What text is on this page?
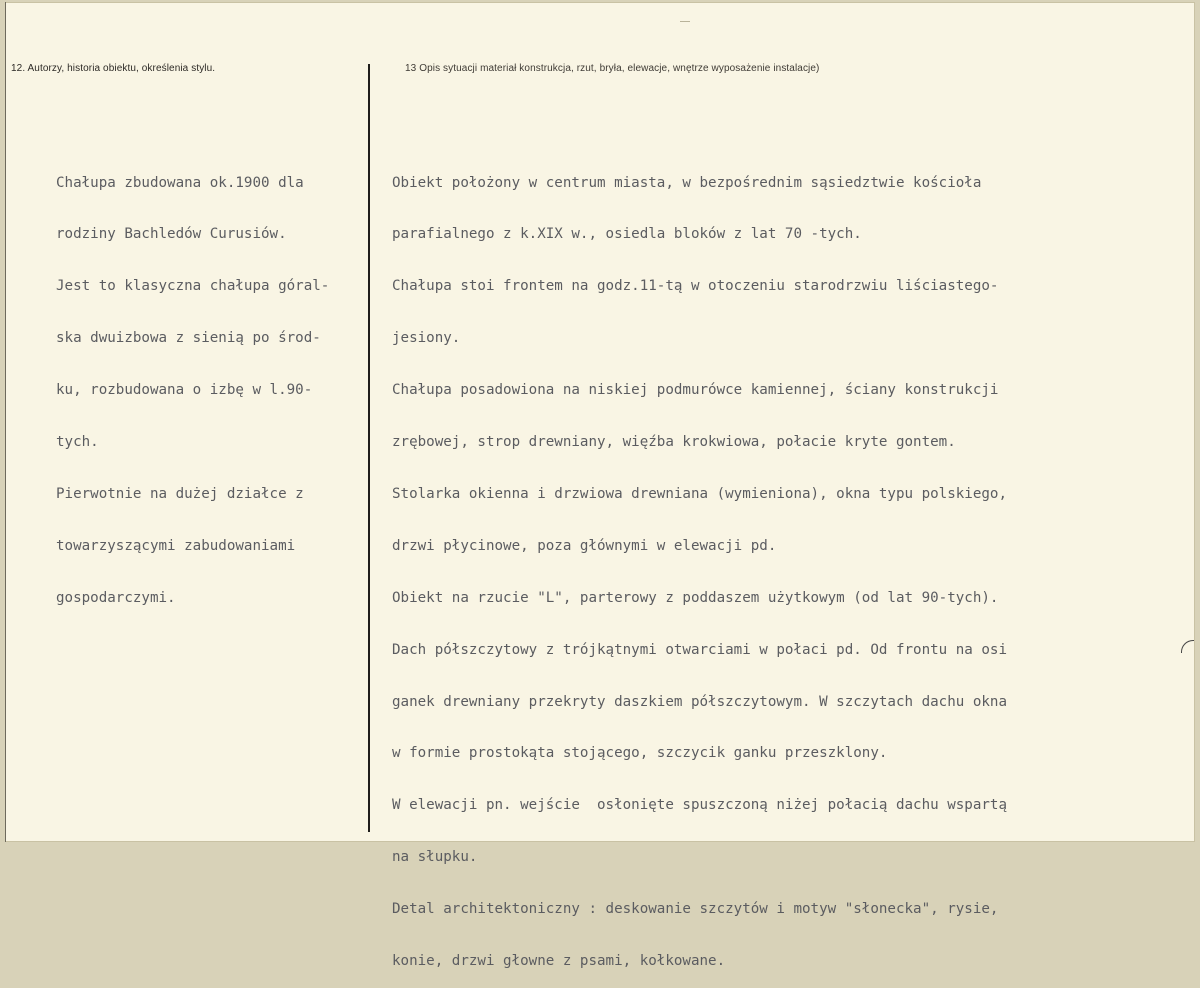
12. Autorzy, historia obiektu, określenia stylu.	13 Opis sytuacji materiał konstrukcja, rzut, bryła, elewacje, wnętrze wyposażenie instalacje)

Chałupa zbudowana ok.1900 dla

rodziny Bachledów Curusiów.

Jest to klasyczna chałupa góral-

ska dwuizbowa z sienią po środ-

ku, rozbudowana o izbę w l.90-

tych.

Pierwotnie na dużej działce z

towarzyszącymi zabudowaniami

gospodarczymi.

Obiekt położony w centrum miasta, w bezpośrednim sąsiedztwie kościoła

parafialnego z k.XIX w., osiedla bloków z lat 70 -tych.

Chałupa stoi frontem na godz.11-tą w otoczeniu starodrzwiu liściastego-

jesiony.

Chałupa posadowiona na niskiej podmurówce kamiennej, ściany konstrukcji

zrębowej, strop drewniany, więźba krokwiowa, połacie kryte gontem.

Stolarka okienna i drzwiowa drewniana (wymieniona), okna typu polskiego,

drzwi płycinowe, poza głównymi w elewacji pd.

Obiekt na rzucie "L", parterowy z poddaszem użytkowym (od lat 90-tych).

Dach półszczytowy z trójkątnymi otwarciami w połaci pd. Od frontu na osi

ganek drewniany przekryty daszkiem półszczytowym. W szczytach dachu okna

w formie prostokąta stojącego, szczycik ganku przeszklony.

W elewacji pn. wejście  osłonięte spuszczoną niżej połacią dachu wspartą

na słupku.

Detal architektoniczny : deskowanie szczytów i motyw "słonecka", rysie,

konie, drzwi głowne z psami, kołkowane.
